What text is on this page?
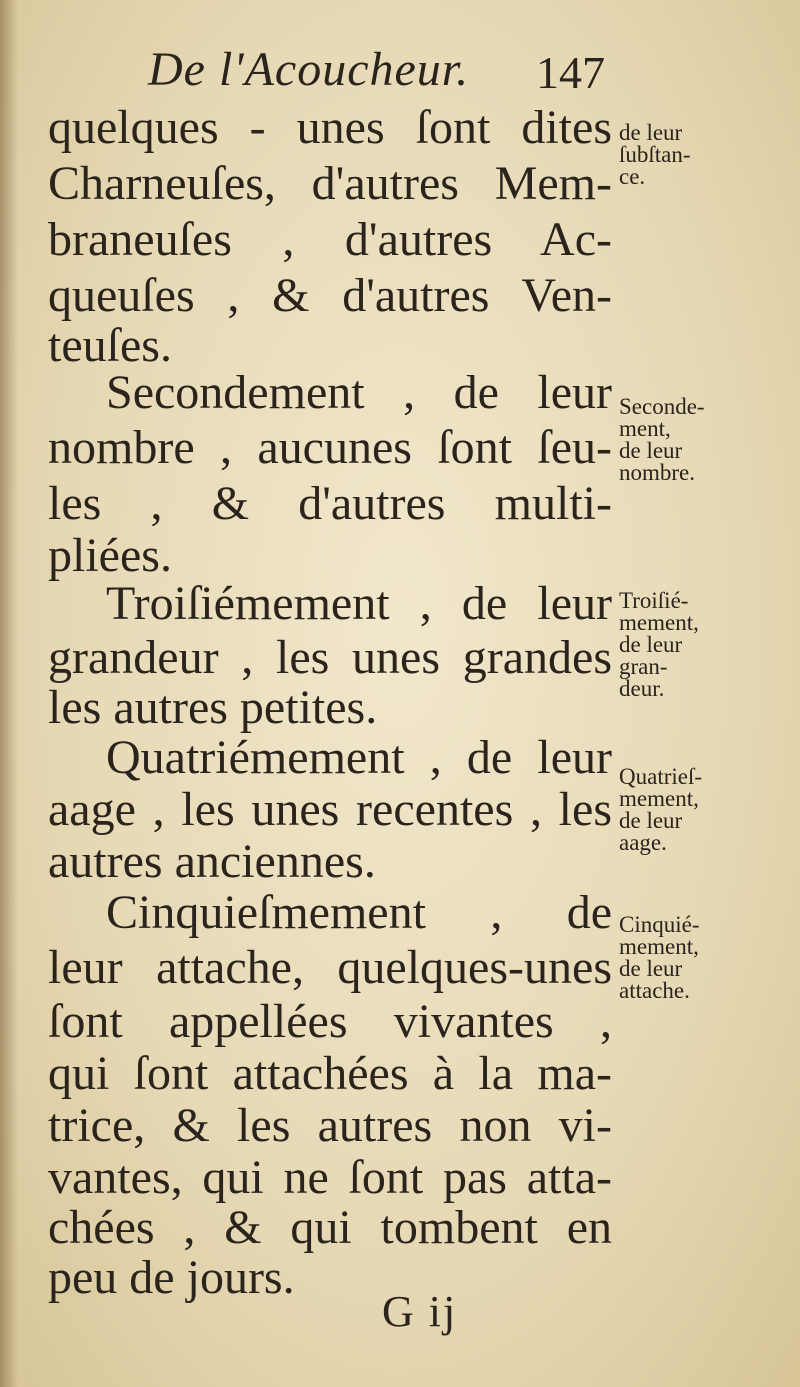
De l'Acoucheur. 147
quelques - unes ſont dites
Charneuſes, d'autres Mem-
braneuſes , d'autres Ac-
queuſes , & d'autres Ven-
teuſes.
Secondement , de leur
nombre , aucunes ſont ſeu-
les , & d'autres multi-
pliées.
Troiſiémement , de leur
grandeur , les unes grandes
les autres petites.
Quatriémement , de leur
aage , les unes recentes , les
autres anciennes.
Cinquieſmement , de
leur attache, quelques-unes
ſont appellées vivantes ,
qui ſont attachées à la ma-
trice, & les autres non vi-
vantes, qui ne ſont pas atta-
chées , & qui tombent en
peu de jours.
de leur
ſubſtan-
ce.
Seconde-
ment,
de leur
nombre.
Troiſié-
mement,
de leur
gran-
deur.
Quatrieſ-
mement,
de leur
aage.
Cinquié-
mement,
de leur
attache.
G ij
